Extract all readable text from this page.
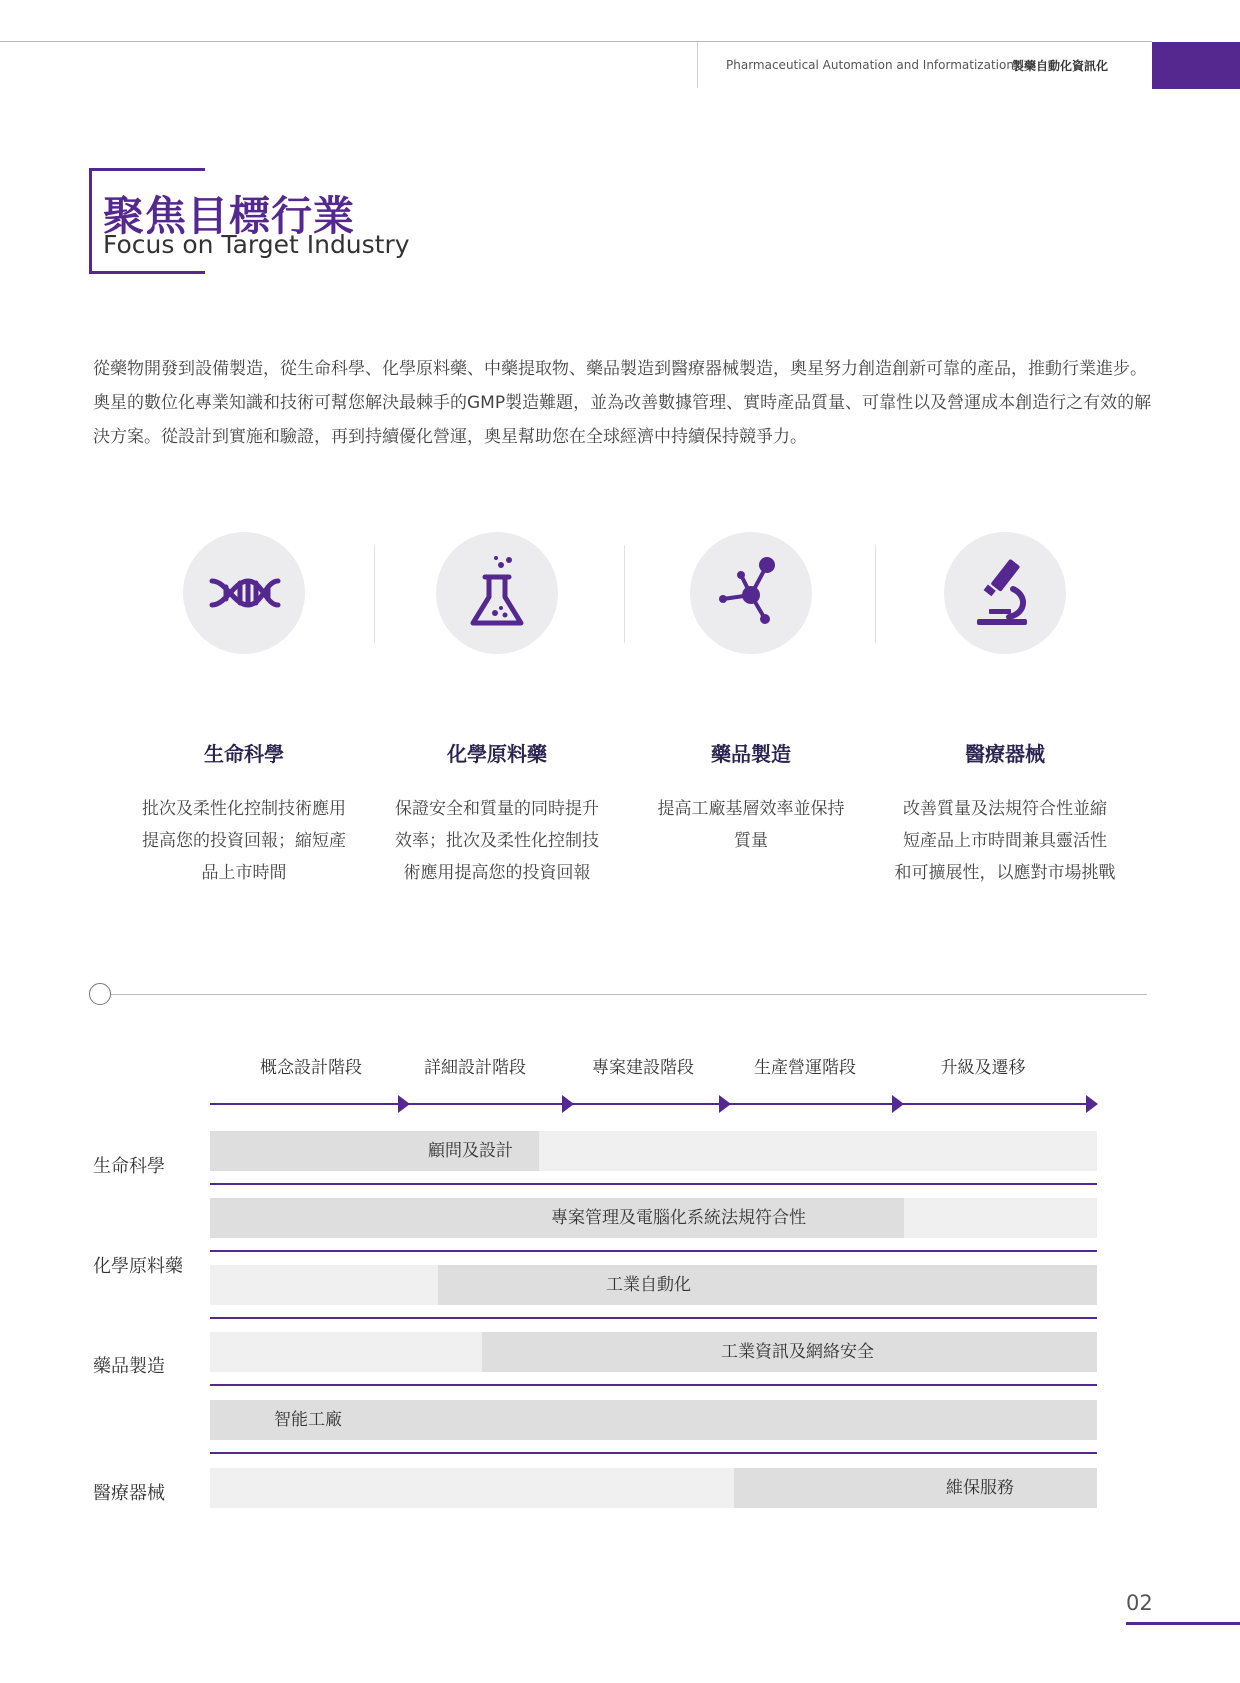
Pharmaceutical Automation and Informatization
製藥自動化資訊化
聚焦目標行業
Focus on Target Industry
從藥物開發到設備製造，從生命科學、化學原料藥、中藥提取物、藥品製造到醫療器械製造，奧星努力創造創新可靠的產品，推動行業進步。奧星的數位化專業知識和技術可幫您解決最棘手的GMP製造難題，並為改善數據管理、實時產品質量、可靠性以及營運成本創造行之有效的解決方案。從設計到實施和驗證，再到持續優化營運，奧星幫助您在全球經濟中持續保持競爭力。
生命科學	化學原料藥	藥品製造	醫療器械
批次及柔性化控制技術應用
提高您的投資回報；縮短產
品上市時間
保證安全和質量的同時提升
效率；批次及柔性化控制技
術應用提高您的投資回報
提高工廠基層效率並保持
質量
改善質量及法規符合性並縮
短產品上市時間兼具靈活性
和可擴展性，以應對市場挑戰
概念設計階段	詳細設計階段	專案建設階段	生產營運階段	升級及遷移
生命科學
化學原料藥
藥品製造
醫療器械
顧問及設計
專案管理及電腦化系統法規符合性
工業自動化
工業資訊及網絡安全
智能工廠
維保服務
02
